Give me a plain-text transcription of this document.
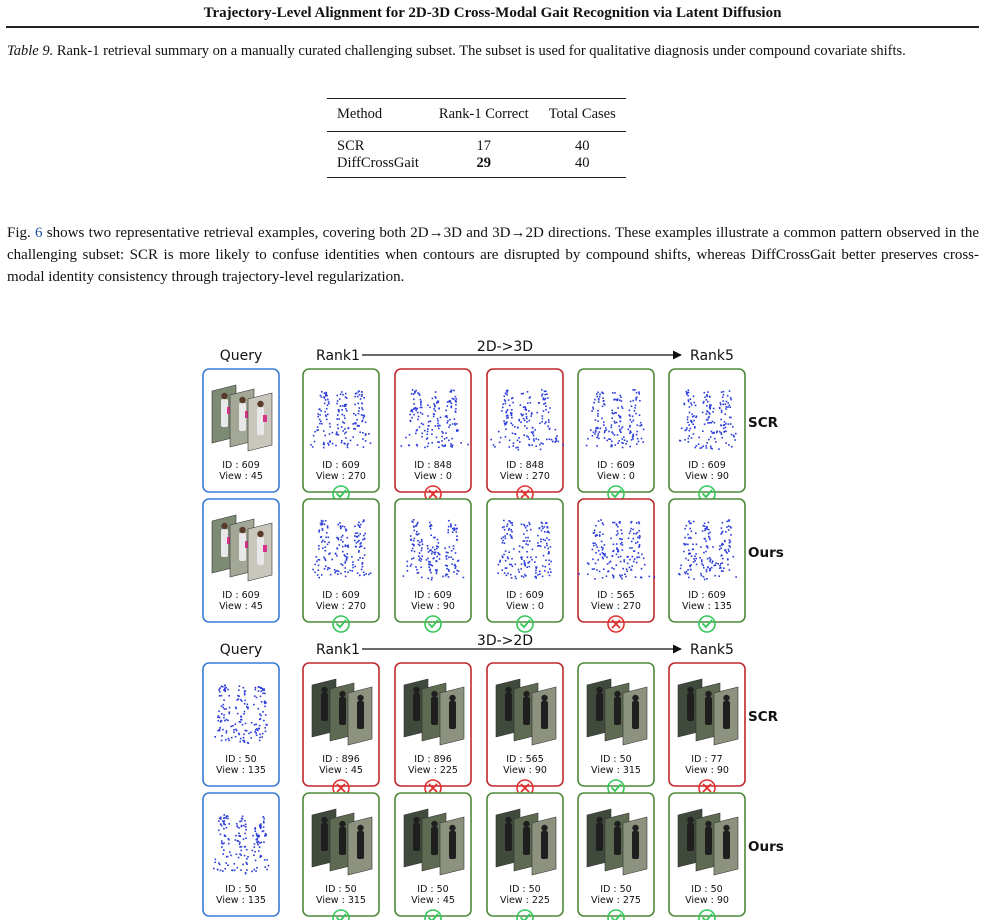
Trajectory-Level Alignment for 2D-3D Cross-Modal Gait Recognition via Latent Diffusion
Table 9. Rank-1 retrieval summary on a manually curated challenging subset. The subset is used for qualitative diagnosis under compound covariate shifts.
Method	Rank-1 Correct	Total Cases
SCR	17	40
DiffCrossGait	29	40
Fig. 6 shows two representative retrieval examples, covering both 2D→3D and 3D→2D directions. These examples illustrate a common pattern observed in the challenging subset: SCR is more likely to confuse identities when contours are disrupted by compound shifts, whereas DiffCrossGait better preserves cross-modal identity consistency through trajectory-level regularization.
Query	Rank1
2D->3D
Rank5
ID : 609
View : 45
ID : 609
View : 270
ID : 848
View : 0
ID : 848
View : 270
ID : 609
View : 0
ID : 609
View : 90
SCR
ID : 609
View : 45
ID : 609
View : 270
ID : 609
View : 90
ID : 609
View : 0
ID : 565
View : 270
ID : 609
View : 135
Ours
Query	Rank1
3D->2D
Rank5
ID : 50
View : 135
ID : 896
View : 45
ID : 896
View : 225
ID : 565
View : 90
ID : 50
View : 315
ID : 77
View : 90
SCR
ID : 50
View : 135
ID : 50
View : 315
ID : 50
View : 45
ID : 50
View : 225
ID : 50
View : 275
ID : 50
View : 90
Ours
